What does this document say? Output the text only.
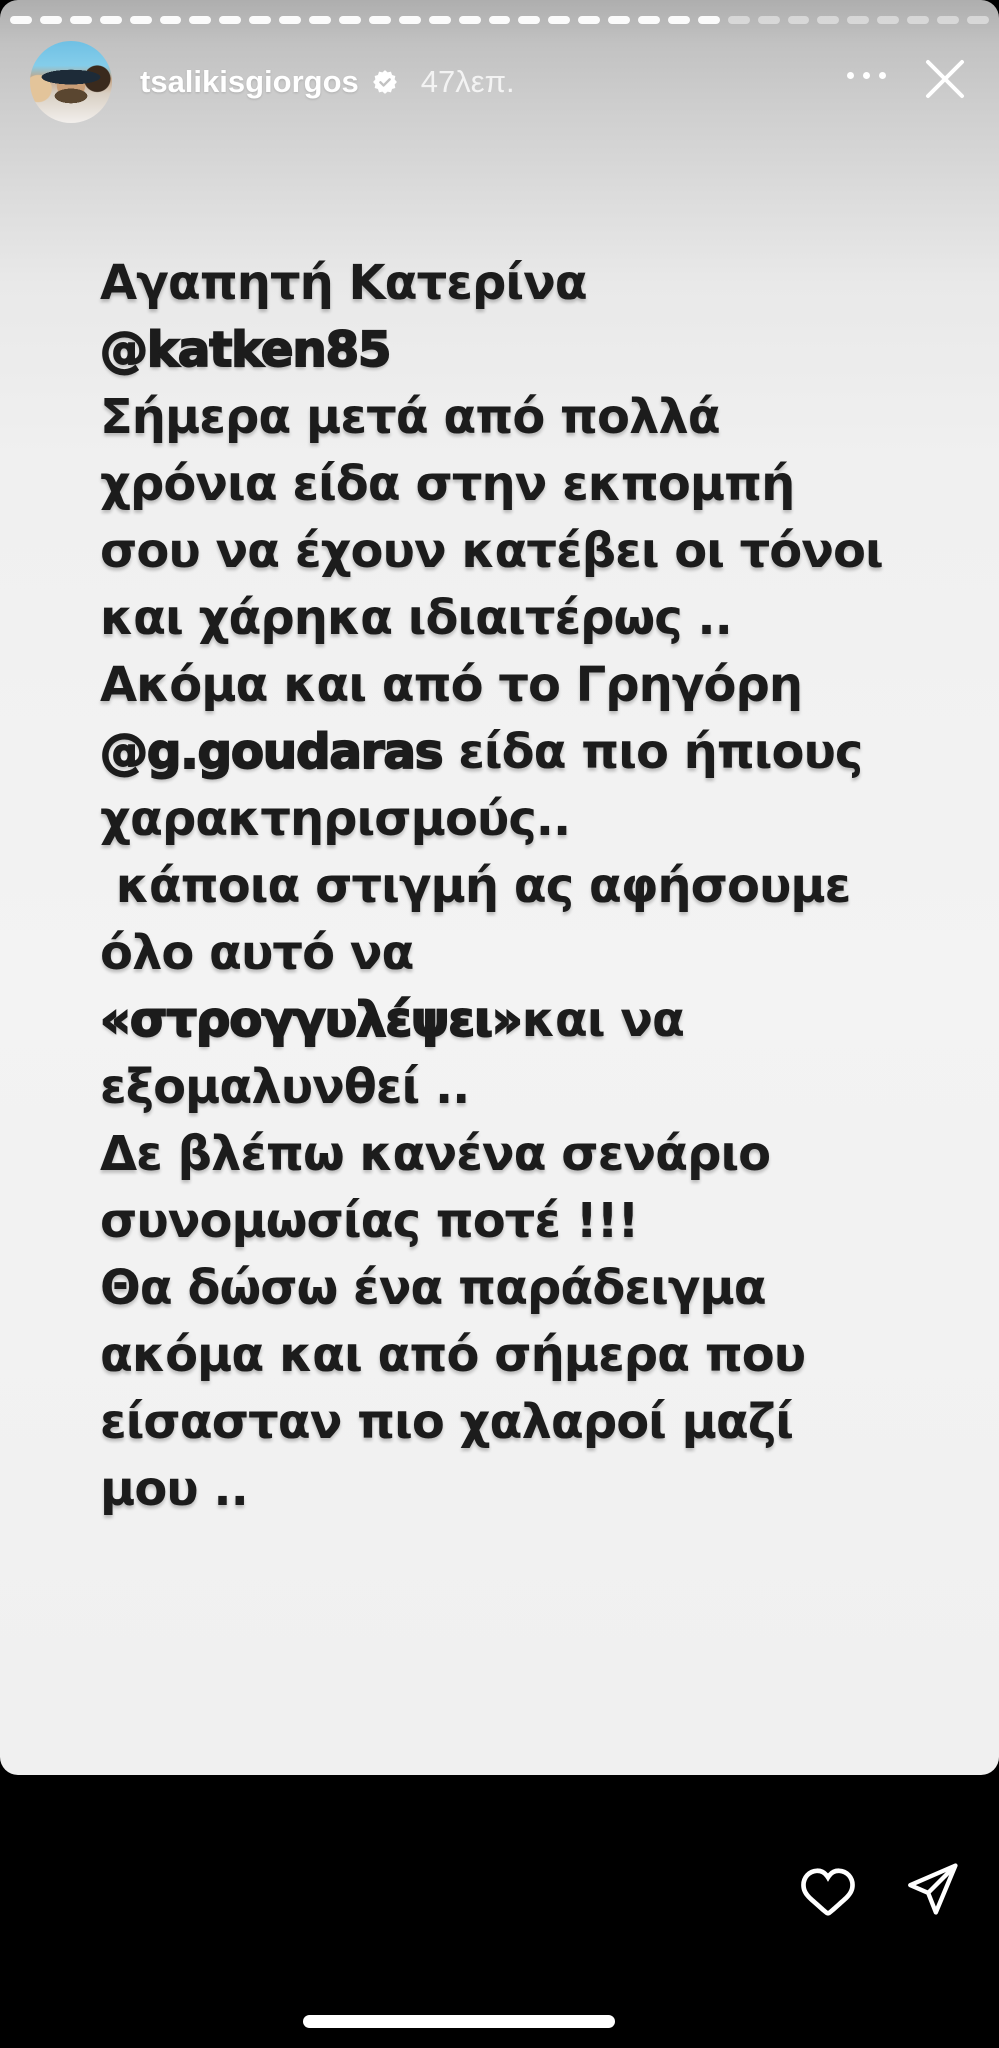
tsalikisgiorgos 47λεπ.
Αγαπητή Κατερίνα
@katken85
Σήμερα μετά από πολλά
χρόνια είδα στην εκπομπή
σου να έχουν κατέβει οι τόνοι
και χάρηκα ιδιαιτέρως ..
Ακόμα και από το Γρηγόρη
@g.goudaras είδα πιο ήπιους
χαρακτηρισμούς..
κάποια στιγμή ας αφήσουμε
όλο αυτό να
«στρογγυλέψει»και να
εξομαλυνθεί ..
Δε βλέπω κανένα σενάριο
συνομωσίας ποτέ !!!
Θα δώσω ένα παράδειγμα
ακόμα και από σήμερα που
είσασταν πιο χαλαροί μαζί
μου ..
